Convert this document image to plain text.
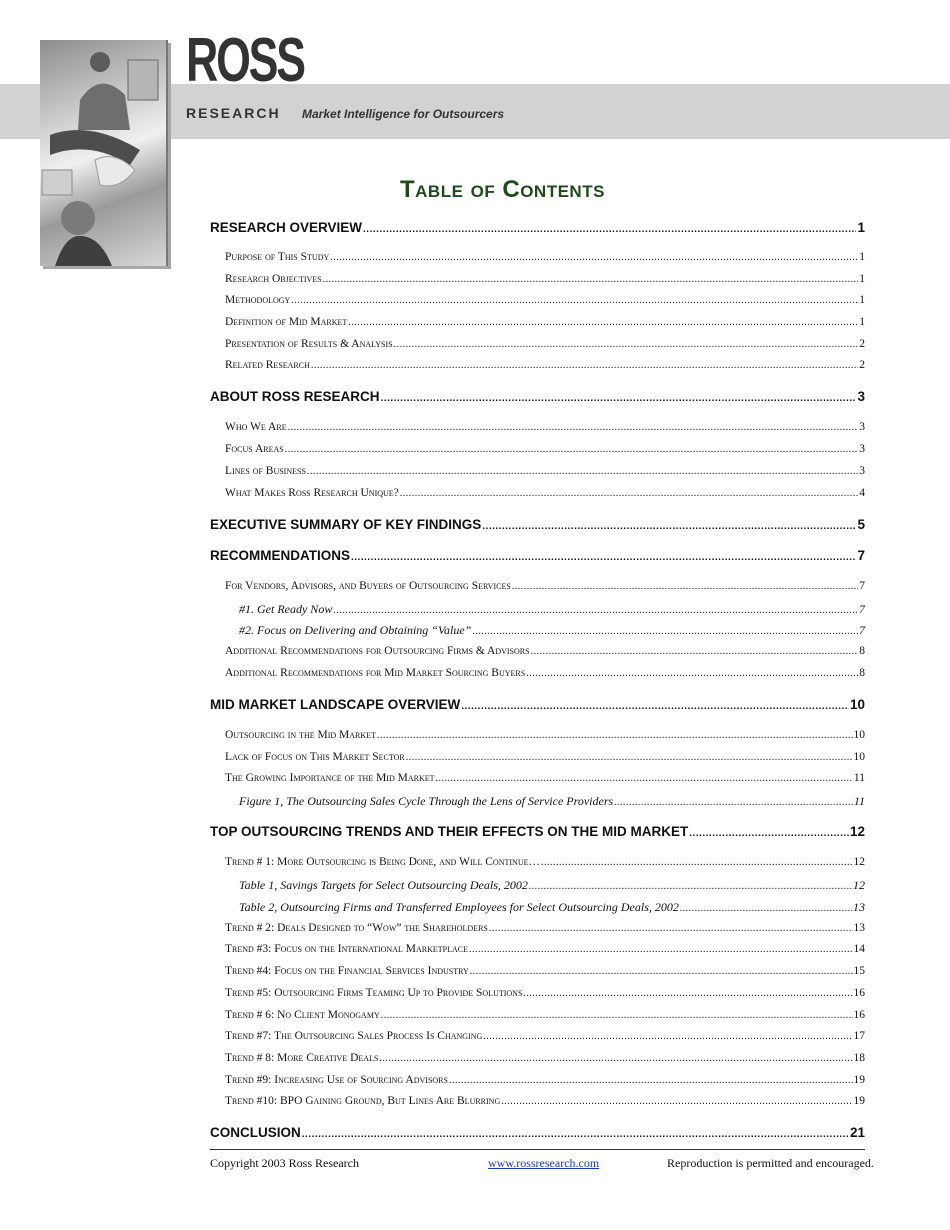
ROSS
RESEARCH Market Intelligence for Outsourcers
Table of Contents
RESEARCH OVERVIEW .....	1
Purpose of This Study .....	1
Research Objectives .....	1
Methodology .....	1
Definition of Mid Market .....	1
Presentation of Results & Analysis .....	2
Related Research .....	2
ABOUT ROSS RESEARCH .....	3
Who We Are .....	3
Focus Areas .....	3
Lines of Business .....	3
What Makes Ross Research Unique? .....	4
EXECUTIVE SUMMARY OF KEY FINDINGS .....	5
RECOMMENDATIONS .....	7
For Vendors, Advisors, and Buyers of Outsourcing Services .....	7
#1. Get Ready Now .....	7
#2. Focus on Delivering and Obtaining “Value” .....	7
Additional Recommendations for Outsourcing Firms & Advisors .....	8
Additional Recommendations for Mid Market Sourcing Buyers .....	8
MID MARKET LANDSCAPE OVERVIEW .....	10
Outsourcing in the Mid Market .....	10
Lack of Focus on This Market Sector .....	10
The Growing Importance of the Mid Market .....	11
Figure 1, The Outsourcing Sales Cycle Through the Lens of Service Providers .....	11
TOP OUTSOURCING TRENDS AND THEIR EFFECTS ON THE MID MARKET .....	12
Trend # 1: More Outsourcing is Being Done, and Will Continue… .....	12
Table 1, Savings Targets for Select Outsourcing Deals, 2002 .....	12
Table 2, Outsourcing Firms and Transferred Employees for Select Outsourcing Deals, 2002 .....	13
Trend # 2: Deals Designed to “Wow” the Shareholders .....	13
Trend #3: Focus on the International Marketplace .....	14
Trend #4: Focus on the Financial Services Industry .....	15
Trend #5: Outsourcing Firms Teaming Up to Provide Solutions .....	16
Trend # 6: No Client Monogamy .....	16
Trend #7: The Outsourcing Sales Process Is Changing .....	17
Trend # 8: More Creative Deals .....	18
Trend #9: Increasing Use of Sourcing Advisors .....	19
Trend #10: BPO Gaining Ground, But Lines Are Blurring .....	19
CONCLUSION .....	21
Copyright 2003 Ross Research	www.rossresearch.com	Reproduction is permitted and encouraged.
